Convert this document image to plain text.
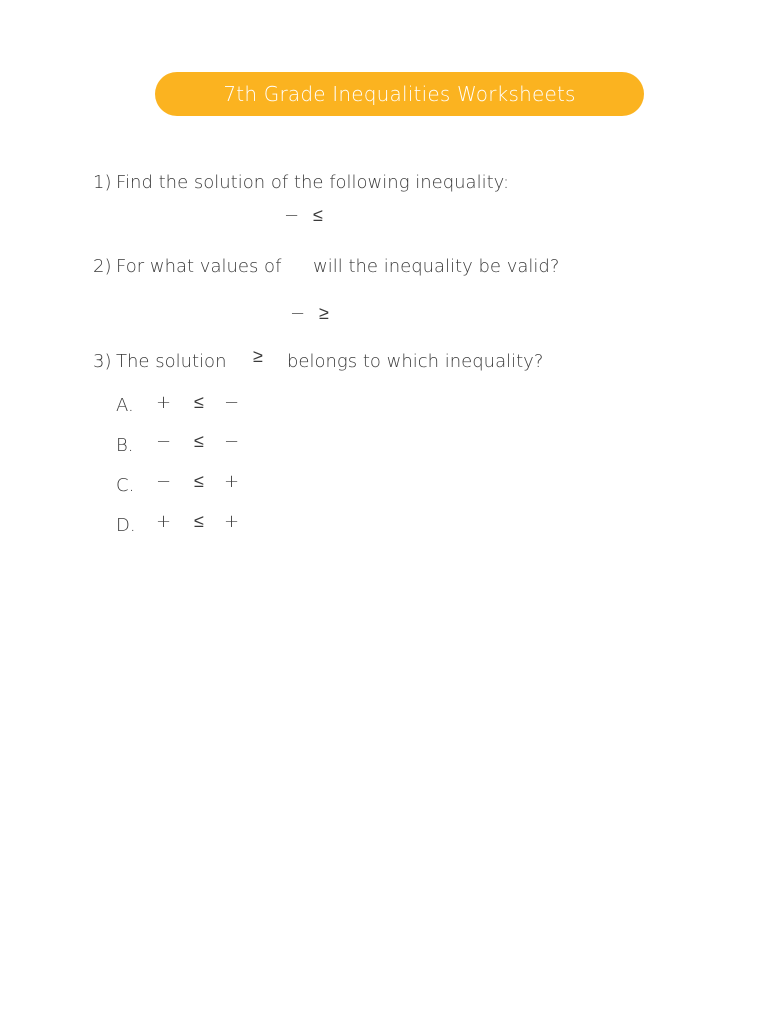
7th Grade Inequalities Worksheets
1) Find the solution of the following inequality:
− ≤
2) For what values of will the inequality be valid?
− ≥
3) The solution ≥ belongs to which inequality?
A. + ≤ −
B. − ≤ −
C. − ≤ +
D. + ≤ +
